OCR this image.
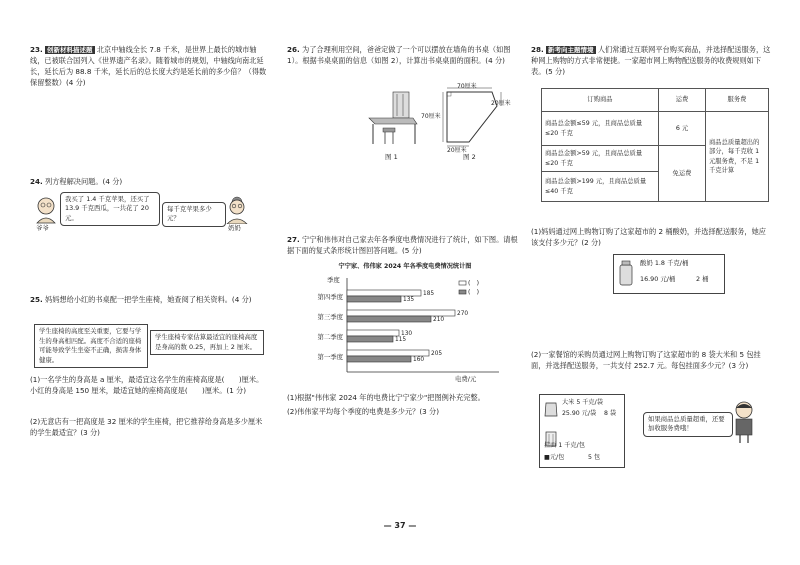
23. 创新材料描述题 北京中轴线全长 7.8 千米，是世界上最长的城市轴线，已被联合国列入《世界遗产名录》。随着城市的规划，中轴线向南北延长，延长后为 88.8 千米，延长后的总长度大约是延长前的多少倍？（得数保留整数）(4 分)

24. 列方程解决问题。(4 分)

爷爷
我买了 1.4 千克苹果，还买了 13.9 千克西瓜，一共花了 20 元。
每千克苹果多少元？
奶奶

25. 妈妈想给小红的书桌配一把学生座椅，她查阅了相关资料。(4 分)

学生座椅的高度至关重要，它要与学生的身高相匹配。高度不合适的座椅可能导致学生坐姿不正确，损害身体健康。
学生座椅专家估算最适宜的座椅高度是身高的数 0.25，再加上 2 厘米。

(1)一名学生的身高是 a 厘米，最适宜这名学生的座椅高度是(　　)厘米。小红的身高是 150 厘米，最适宜她的座椅高度是(　　)厘米。(1 分)

(2)无意店有一把高度是 32 厘米的学生座椅，把它推荐给身高是多少厘米的学生最适宜？(3 分)

26. 为了合理利用空间，爸爸定做了一个可以摆放在墙角的书桌（如图 1）。根据书桌桌面的信息（如图 2），计算出书桌桌面的面积。(4 分)

图 1
70厘米
20厘米
70厘米
20厘米
图 2

27. 宁宁和伟伟对自己家去年各季度电费情况进行了统计，如下图。请根据下面的复式条形统计图回答问题。(5 分)

宁宁家、伟伟家 2024 年各季度电费情况统计图
季度
电费/元
第四季度	185
135
第三季度	270
210
第二季度	130
115
第一季度	205
160
(　)
(　)

(1)根据"伟伟家 2024 年的电费比宁宁家少"把图例补充完整。

(2)伟伟家平均每个季度的电费是多少元？(3 分)

28. 新考向主题情境 人们常通过互联网平台购买商品，并选择配送服务，这种网上购物的方式非常便捷。一家超市网上购物配送服务的收费规则如下表。(5 分)

订购商品	运费	服务费
商品总金额≤59 元，且商品总质量≤20 千克	6 元	商品总质量超出的部分，每千克收 1 元服务费，不足 1 千克计算
商品总金额>59 元，且商品总质量≤20 千克	免运费	
商品总金额>199 元，且商品总质量≤40 千克		

(1)妈妈通过网上购物订购了这家超市的 2 桶酸奶，并选择配送服务，她应该支付多少元？(2 分)

酸奶 1.8 千克/桶
16.90 元/桶	2 桶

(2)一家餐馆的采购员通过网上购物订购了这家超市的 8 袋大米和 5 包挂面，并选择配送服务，一共支付 252.7 元。每包挂面多少元？(3 分)

大米 5 千克/袋
25.90 元/袋 8 袋
挂面 1 千克/包
■元/包	5 包
如果商品总质量超重，还要加收服务费哦！
— 37 —
